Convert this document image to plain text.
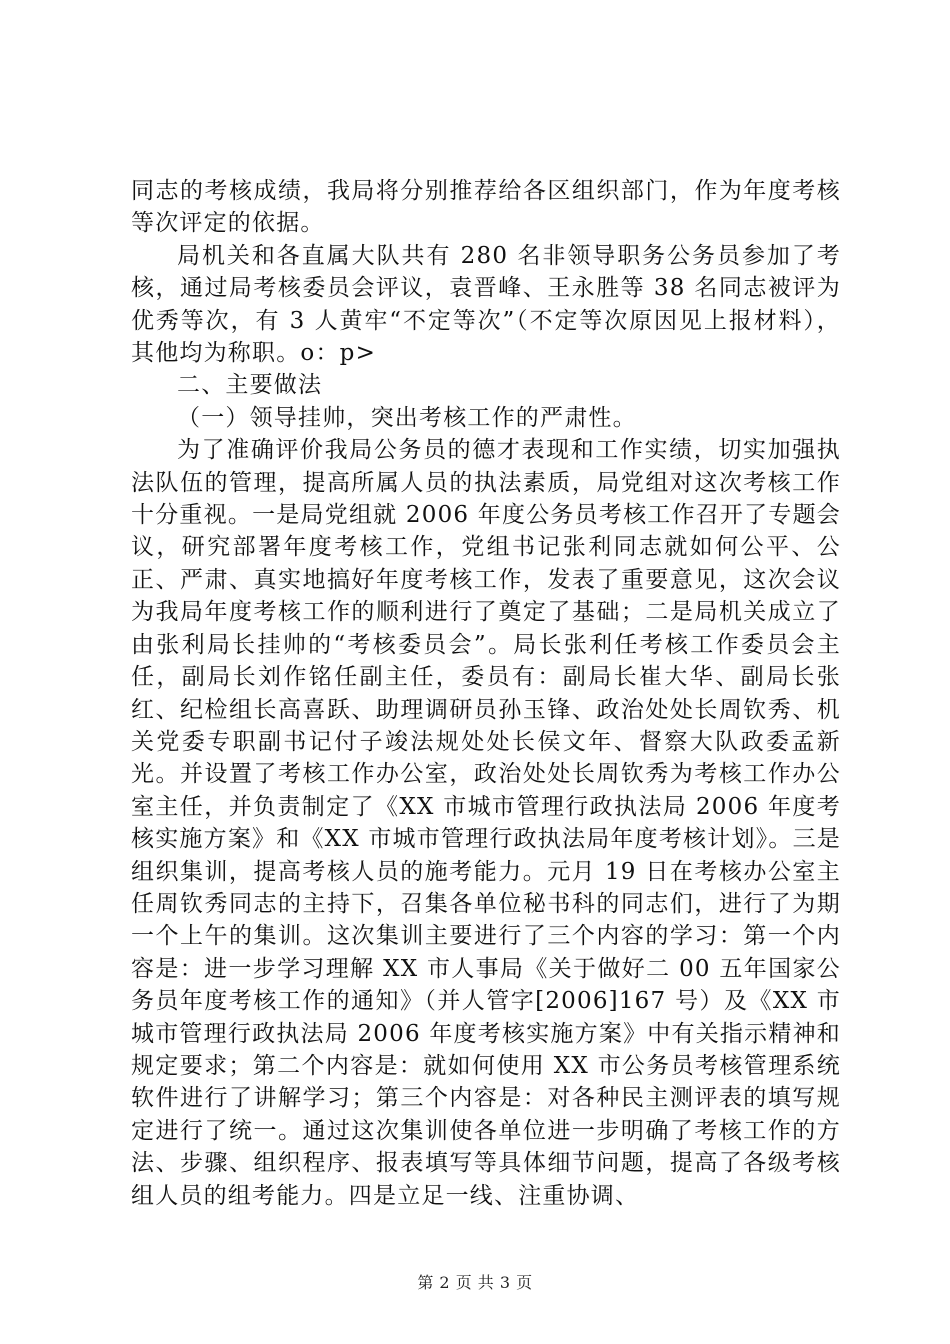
同志的考核成绩，我局将分别推荐给各区组织部门，作为年度考核等次评定的依据。

局机关和各直属大队共有 280 名非领导职务公务员参加了考核，通过局考核委员会评议，袁晋峰、王永胜等 38 名同志被评为优秀等次，有 3 人黄牢“不定等次”（不定等次原因见上报材料），其他均为称职。o：p>

二、主要做法

（一）领导挂帅，突出考核工作的严肃性。

为了准确评价我局公务员的德才表现和工作实绩，切实加强执法队伍的管理，提高所属人员的执法素质，局党组对这次考核工作十分重视。一是局党组就 2006 年度公务员考核工作召开了专题会议，研究部署年度考核工作，党组书记张利同志就如何公平、公正、严肃、真实地搞好年度考核工作，发表了重要意见，这次会议为我局年度考核工作的顺利进行了奠定了基础；二是局机关成立了由张利局长挂帅的“考核委员会”。局长张利任考核工作委员会主任，副局长刘作铭任副主任，委员有：副局长崔大华、副局长张红、纪检组长高喜跃、助理调研员孙玉锋、政治处处长周钦秀、机关党委专职副书记付子竣法规处处长侯文年、督察大队政委孟新光。并设置了考核工作办公室，政治处处长周钦秀为考核工作办公室主任，并负责制定了《XX 市城市管理行政执法局 2006 年度考核实施方案》和《XX 市城市管理行政执法局年度考核计划》。三是组织集训，提高考核人员的施考能力。元月 19 日在考核办公室主任周钦秀同志的主持下，召集各单位秘书科的同志们，进行了为期一个上午的集训。这次集训主要进行了三个内容的学习：第一个内容是：进一步学习理解 XX 市人事局《关于做好二 00 五年国家公务员年度考核工作的通知》（并人管字[2006]167 号）及《XX 市城市管理行政执法局 2006 年度考核实施方案》中有关指示精神和规定要求；第二个内容是：就如何使用 XX 市公务员考核管理系统软件进行了讲解学习；第三个内容是：对各种民主测评表的填写规定进行了统一。通过这次集训使各单位进一步明确了考核工作的方法、步骤、组织程序、报表填写等具体细节问题，提高了各级考核组人员的组考能力。四是立足一线、注重协调、

第 2 页 共 3 页
